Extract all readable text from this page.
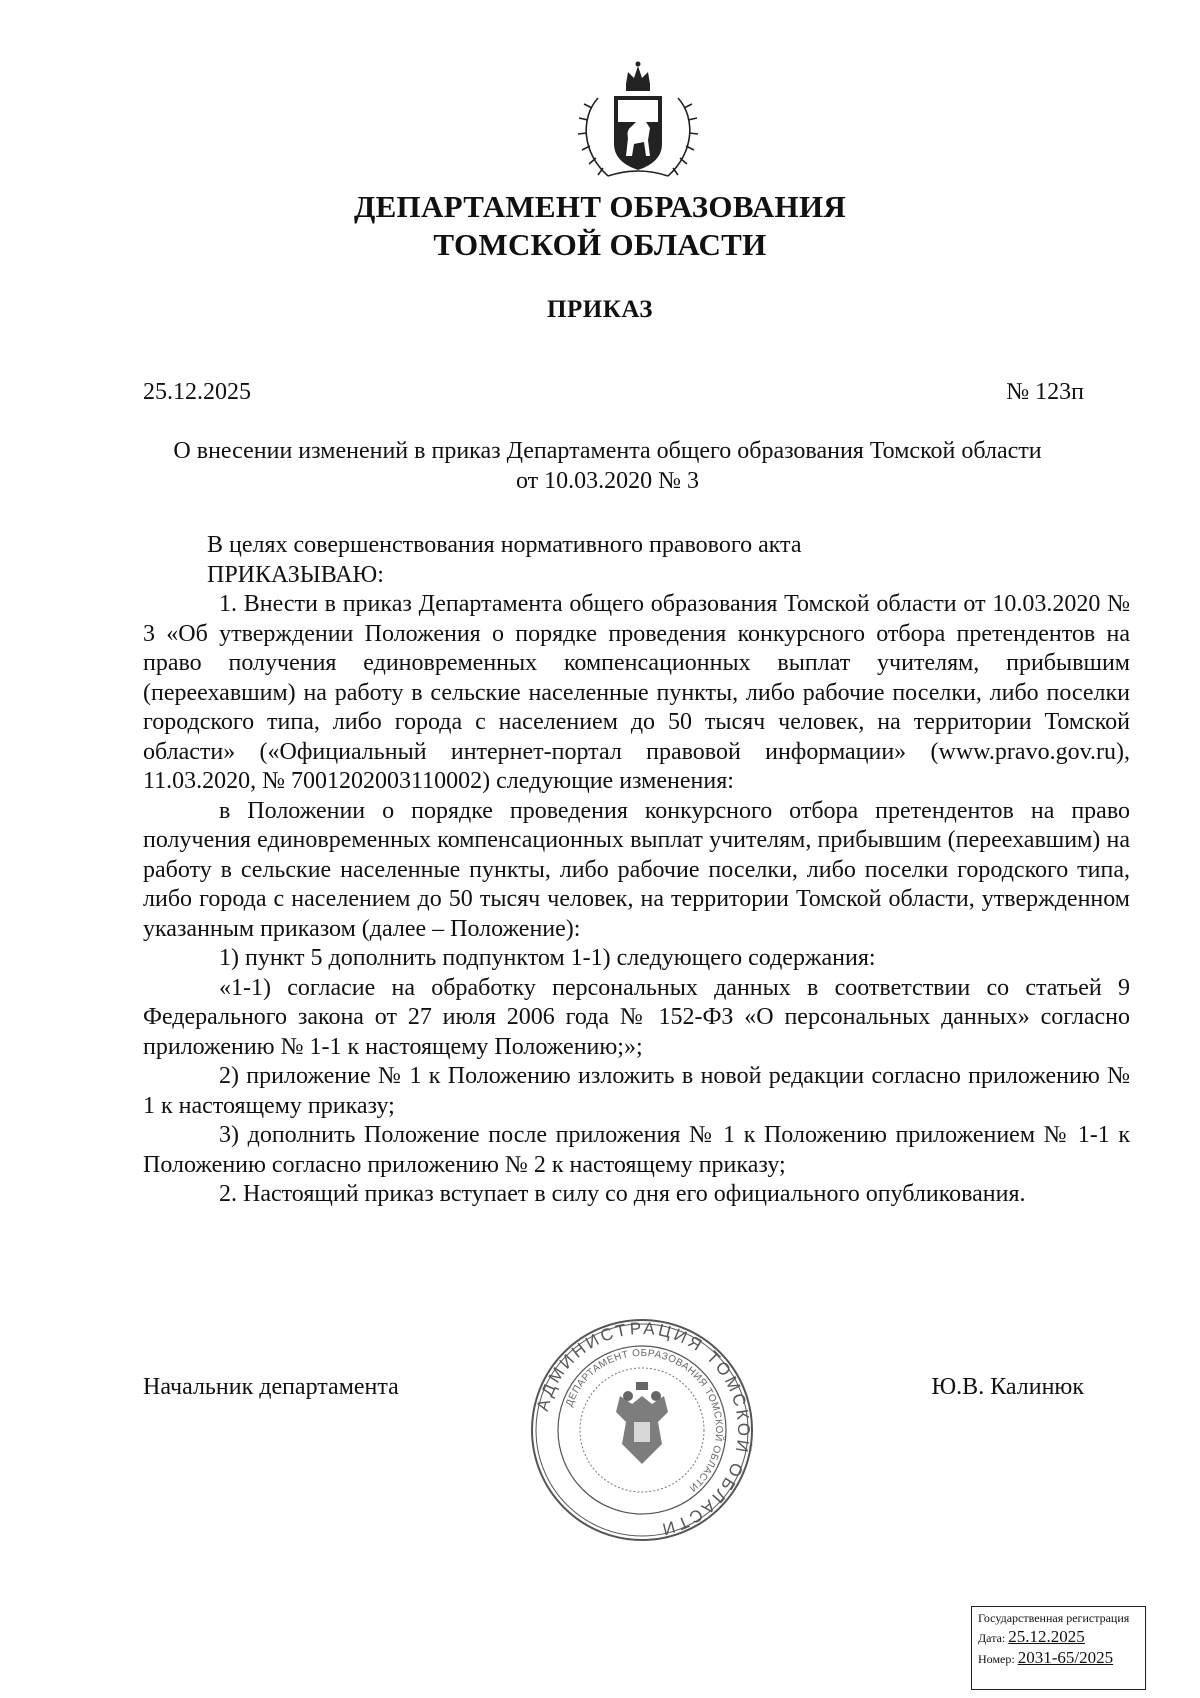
ДЕПАРТАМЕНТ ОБРАЗОВАНИЯ
ТОМСКОЙ ОБЛАСТИ
ПРИКАЗ
25.12.2025	№ 123п
О внесении изменений в приказ Департамента общего образования Томской области
от 10.03.2020 № 3

В целях совершенствования нормативного правового акта

ПРИКАЗЫВАЮ:

1. Внести в приказ Департамента общего образования Томской области от 10.03.2020 № 3 «Об утверждении Положения о порядке проведения конкурсного отбора претендентов на право получения единовременных компенсационных выплат учителям, прибывшим (переехавшим) на работу в сельские населенные пункты, либо рабочие поселки, либо поселки городского типа, либо города с населением до 50 тысяч человек, на территории Томской области» («Официальный интернет-портал правовой информации» (www.pravo.gov.ru), 11.03.2020, № 7001202003110002) следующие изменения:

в Положении о порядке проведения конкурсного отбора претендентов на право получения единовременных компенсационных выплат учителям, прибывшим (переехавшим) на работу в сельские населенные пункты, либо рабочие поселки, либо поселки городского типа, либо города с населением до 50 тысяч человек, на территории Томской области, утвержденном указанным приказом (далее – Положение):

1) пункт 5 дополнить подпунктом 1-1) следующего содержания:

«1-1) согласие на обработку персональных данных в соответствии со статьей 9 Федерального закона от 27 июля 2006 года № 152-ФЗ «О персональных данных» согласно приложению № 1-1 к настоящему Положению;»;

2) приложение № 1 к Положению изложить в новой редакции согласно приложению № 1 к настоящему приказу;

3) дополнить Положение после приложения № 1 к Положению приложением № 1-1 к Положению согласно приложению № 2 к настоящему приказу;

2. Настоящий приказ вступает в силу со дня его официального опубликования.

АДМИНИСТРАЦИЯ ТОМСКОЙ ОБЛАСТИ
ДЕПАРТАМЕНТ ОБРАЗОВАНИЯ ТОМСКОЙ ОБЛАСТИ
Начальник департамента	Ю.В. Калинюк
Государственная регистрация
Дата: 25.12.2025
Номер: 2031-65/2025
